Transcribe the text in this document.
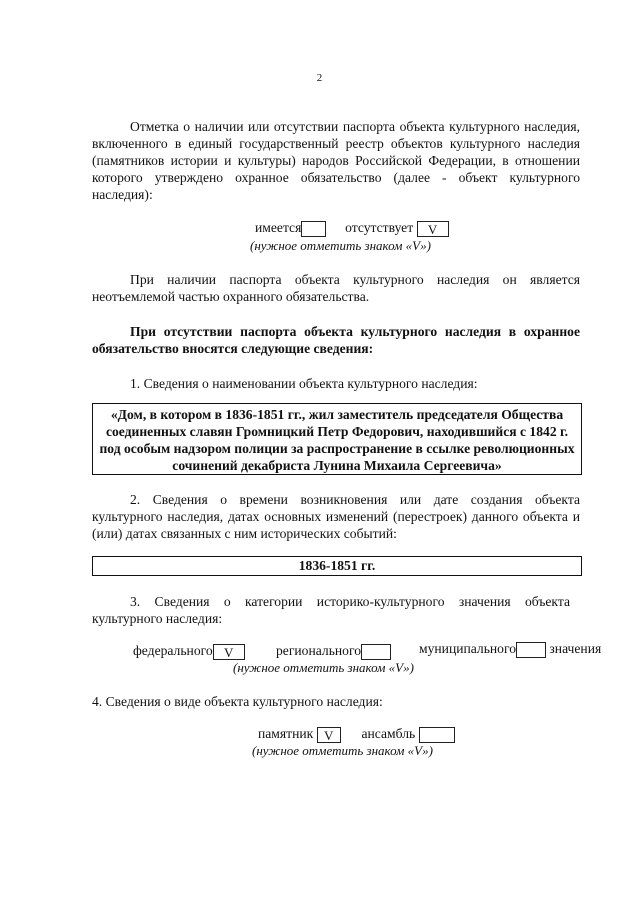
2
Отметка о наличии или отсутствии паспорта объекта культурного наследия, включенного в единый государственный реестр объектов культурного наследия (памятников истории и культуры) народов Российской Федерации, в отношении которого утверждено охранное обязательство (далее - объект культурного наследия):
имеется	отсутствует V
(нужное отметить знаком «V»)
При наличии паспорта объекта культурного наследия он является неотъемлемой частью охранного обязательства.
При отсутствии паспорта объекта культурного наследия в охранное обязательство вносятся следующие сведения:
1. Сведения о наименовании объекта культурного наследия:
«Дом, в котором в 1836-1851 гг., жил заместитель председателя Общества соединенных славян Громницкий Петр Федорович, находившийся с 1842 г. под особым надзором полиции за распространение в ссылке революционных сочинений декабриста Лунина Михаила Сергеевича»
2. Сведения о времени возникновения или дате создания объекта культурного наследия, датах основных изменений (перестроек) данного объекта и (или) датах связанных с ним исторических событий:
1836-1851 гг.
3. Сведения о категории историко-культурного значения объекта культурного наследия:
федерального V	регионального	муниципального значения
(нужное отметить знаком «V»)
4. Сведения о виде объекта культурного наследия:
памятник V ансамбль
(нужное отметить знаком «V»)
